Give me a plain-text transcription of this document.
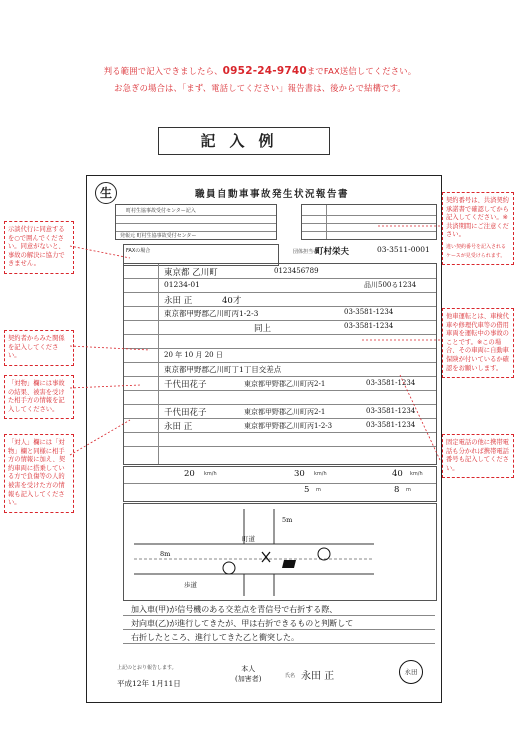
判る範囲で記入できましたら、0952-24-9740までFAX送信してください。
お急ぎの場合は、「まず、電話してください」報告書は、後からで結構です。
記入例
生	職員自動車事故発生状況報告書
町村生協事故受付センター記入
発報元 町村生協事故受付センター
FAXの場合	団体担当者
町村栄夫	03-3511-0001
東京都 乙川町	0123456789
01234-01	品川500る1234
永田 正	40才
東京都甲野郡乙川町丙1-2-3	03-3581-1234
同上	03-3581-1234
20 年 10 月 20 日
東京都甲野郡乙川町丁1丁目交差点
千代田花子	東京都甲野郡乙川町丙2-1	03-3581-1234
千代田花子	東京都甲野郡乙川町丙2-1	03-3581-1234
永田 正	東京都甲野郡乙川町丙1-2-3	03-3581-1234
20 km/h	30 km/h	40 km/h
5 m	8 m
町道
歩道
5m
8m
加入車(甲)が信号機のある交差点を青信号で右折する際、
対向車(乙)が進行してきたが、甲は右折できるものと判断して
右折したところ、進行してきた乙と衝突した。
上記のとおり報告します。
平成12年 1月11日
本人
(加害者)	氏名 永田 正	永田
示談代行に同意するを○で囲んでください。同意がないと、事故の解決に協力できません。
契約者からみた関係を記入してください。
「対物」欄には事故の結果、被害を受けた相手方の情報を記入してください。
「対人」欄には「対物」欄と同様に相手方の情報に加え、契約車両に搭乗している方で負傷等の人的被害を受けた方の情報も記入してください。
契約番号は、共済契約承諾書で確認してから記入してください。※共済期間にご注意ください。
違い契約番号を記入されるケースが見受けられます。
他車運転とは、車検代車や修理代車等の借用車両を運転中の事故のことです。※この場合、その車両に自動車保険が付いているか確認をお願いします。
固定電話の他に携帯電話も分かれば携帯電話番号も記入してください。
